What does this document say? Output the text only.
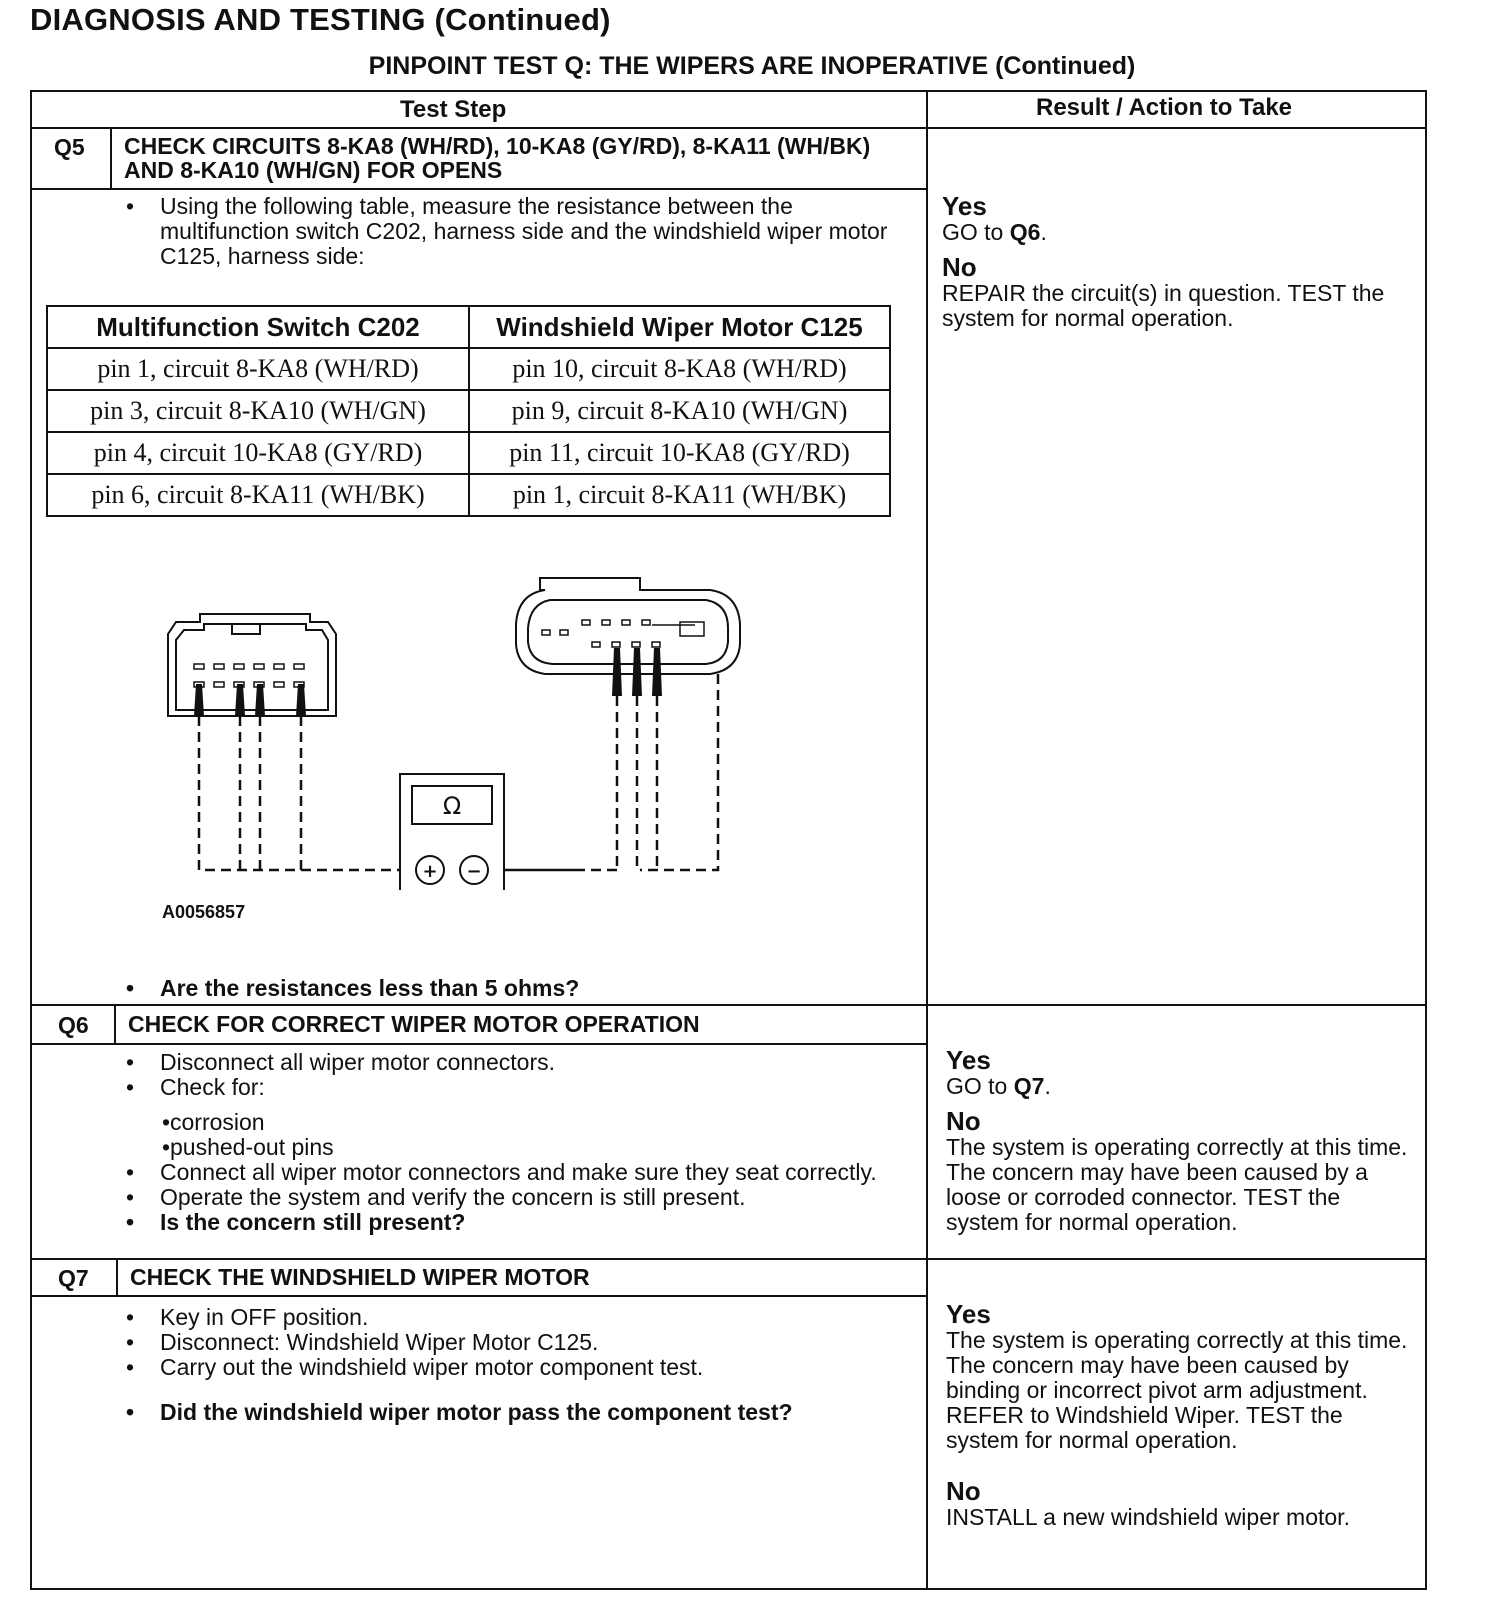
DIAGNOSIS AND TESTING (Continued)
PINPOINT TEST Q: THE WIPERS ARE INOPERATIVE (Continued)
Test Step	Result / Action to Take
Q5 CHECK CIRCUITS 8-KA8 (WH/RD), 10-KA8 (GY/RD), 8-KA11 (WH/BK) AND 8-KA10 (WH/GN) FOR OPENS
• Using the following table, measure the resistance between the multifunction switch C202, harness side and the windshield wiper motor C125, harness side:
Multifunction Switch C202	Windshield Wiper Motor C125
pin 1, circuit 8-KA8 (WH/RD)	pin 10, circuit 8-KA8 (WH/RD)
pin 3, circuit 8-KA10 (WH/GN)	pin 9, circuit 8-KA10 (WH/GN)
pin 4, circuit 10-KA8 (GY/RD)	pin 11, circuit 10-KA8 (GY/RD)
pin 6, circuit 8-KA11 (WH/BK)	pin 1, circuit 8-KA11 (WH/BK)
Ω
+ −
A0056857
• Are the resistances less than 5 ohms?
Yes
GO to Q6.
No
REPAIR the circuit(s) in question. TEST the system for normal operation.
Q6 CHECK FOR CORRECT WIPER MOTOR OPERATION
• Disconnect all wiper motor connectors.
• Check for:
• corrosion
• pushed-out pins
• Connect all wiper motor connectors and make sure they seat correctly.
• Operate the system and verify the concern is still present.
• Is the concern still present?
Yes
GO to Q7.
No
The system is operating correctly at this time. The concern may have been caused by a loose or corroded connector. TEST the system for normal operation.
Q7 CHECK THE WINDSHIELD WIPER MOTOR
• Key in OFF position.
• Disconnect: Windshield Wiper Motor C125.
• Carry out the windshield wiper motor component test.
• Did the windshield wiper motor pass the component test?
Yes
The system is operating correctly at this time. The concern may have been caused by binding or incorrect pivot arm adjustment. REFER to Windshield Wiper. TEST the system for normal operation.
No
INSTALL a new windshield wiper motor.
